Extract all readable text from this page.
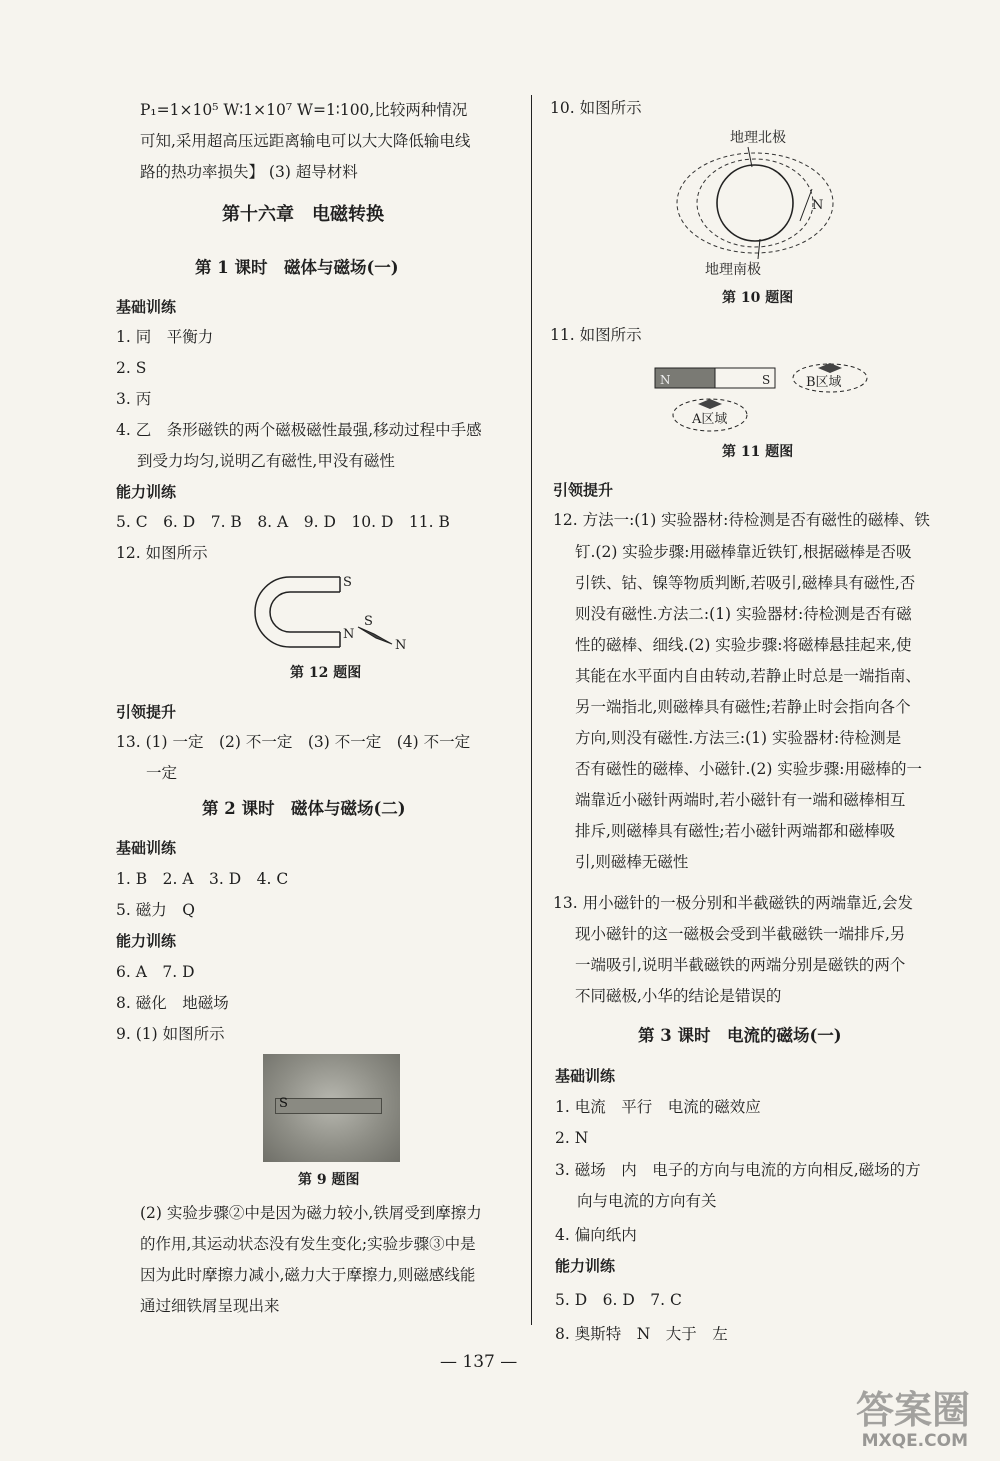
P₁=1×10⁵ W∶1×10⁷ W=1∶100,比较两种情况
可知,采用超高压远距离输电可以大大降低输电线
路的热功率损失】 (3) 超导材料
第十六章　电磁转换
第 1 课时　磁体与磁场(一)
基础训练
1. 同　平衡力
2. S
3. 丙
4. 乙　条形磁铁的两个磁极磁性最强,移动过程中手感
到受力均匀,说明乙有磁性,甲没有磁性
能力训练
5. C　6. D　7. B　8. A　9. D　10. D　11. B
12. 如图所示
S
N
S
N
第 12 题图
引领提升
13. (1) 一定　(2) 不一定　(3) 不一定　(4) 不一定
一定
第 2 课时　磁体与磁场(二)
基础训练
1. B　2. A　3. D　4. C
5. 磁力　Q
能力训练
6. A　7. D
8. 磁化　地磁场
9. (1) 如图所示
S
第 9 题图
(2) 实验步骤②中是因为磁力较小,铁屑受到摩擦力
的作用,其运动状态没有发生变化;实验步骤③中是
因为此时摩擦力减小,磁力大于摩擦力,则磁感线能
通过细铁屑呈现出来
10. 如图所示
地理北极
N
地理南极
第 10 题图
11. 如图所示
N	S	B区域
A区域
第 11 题图
引领提升
12. 方法一:(1) 实验器材:待检测是否有磁性的磁棒、铁
钉.(2) 实验步骤:用磁棒靠近铁钉,根据磁棒是否吸
引铁、钴、镍等物质判断,若吸引,磁棒具有磁性,否
则没有磁性.方法二:(1) 实验器材:待检测是否有磁
性的磁棒、细线.(2) 实验步骤:将磁棒悬挂起来,使
其能在水平面内自由转动,若静止时总是一端指南、
另一端指北,则磁棒具有磁性;若静止时会指向各个
方向,则没有磁性.方法三:(1) 实验器材:待检测是
否有磁性的磁棒、小磁针.(2) 实验步骤:用磁棒的一
端靠近小磁针两端时,若小磁针有一端和磁棒相互
排斥,则磁棒具有磁性;若小磁针两端都和磁棒吸
引,则磁棒无磁性
13. 用小磁针的一极分别和半截磁铁的两端靠近,会发
现小磁针的这一磁极会受到半截磁铁一端排斥,另
一端吸引,说明半截磁铁的两端分别是磁铁的两个
不同磁极,小华的结论是错误的
第 3 课时　电流的磁场(一)
基础训练
1. 电流　平行　电流的磁效应
2. N
3. 磁场　内　电子的方向与电流的方向相反,磁场的方
向与电流的方向有关
4. 偏向纸内
能力训练
5. D　6. D　7. C
8. 奥斯特　N　大于　左
— 137 —
答案圈
MXQE.COM
